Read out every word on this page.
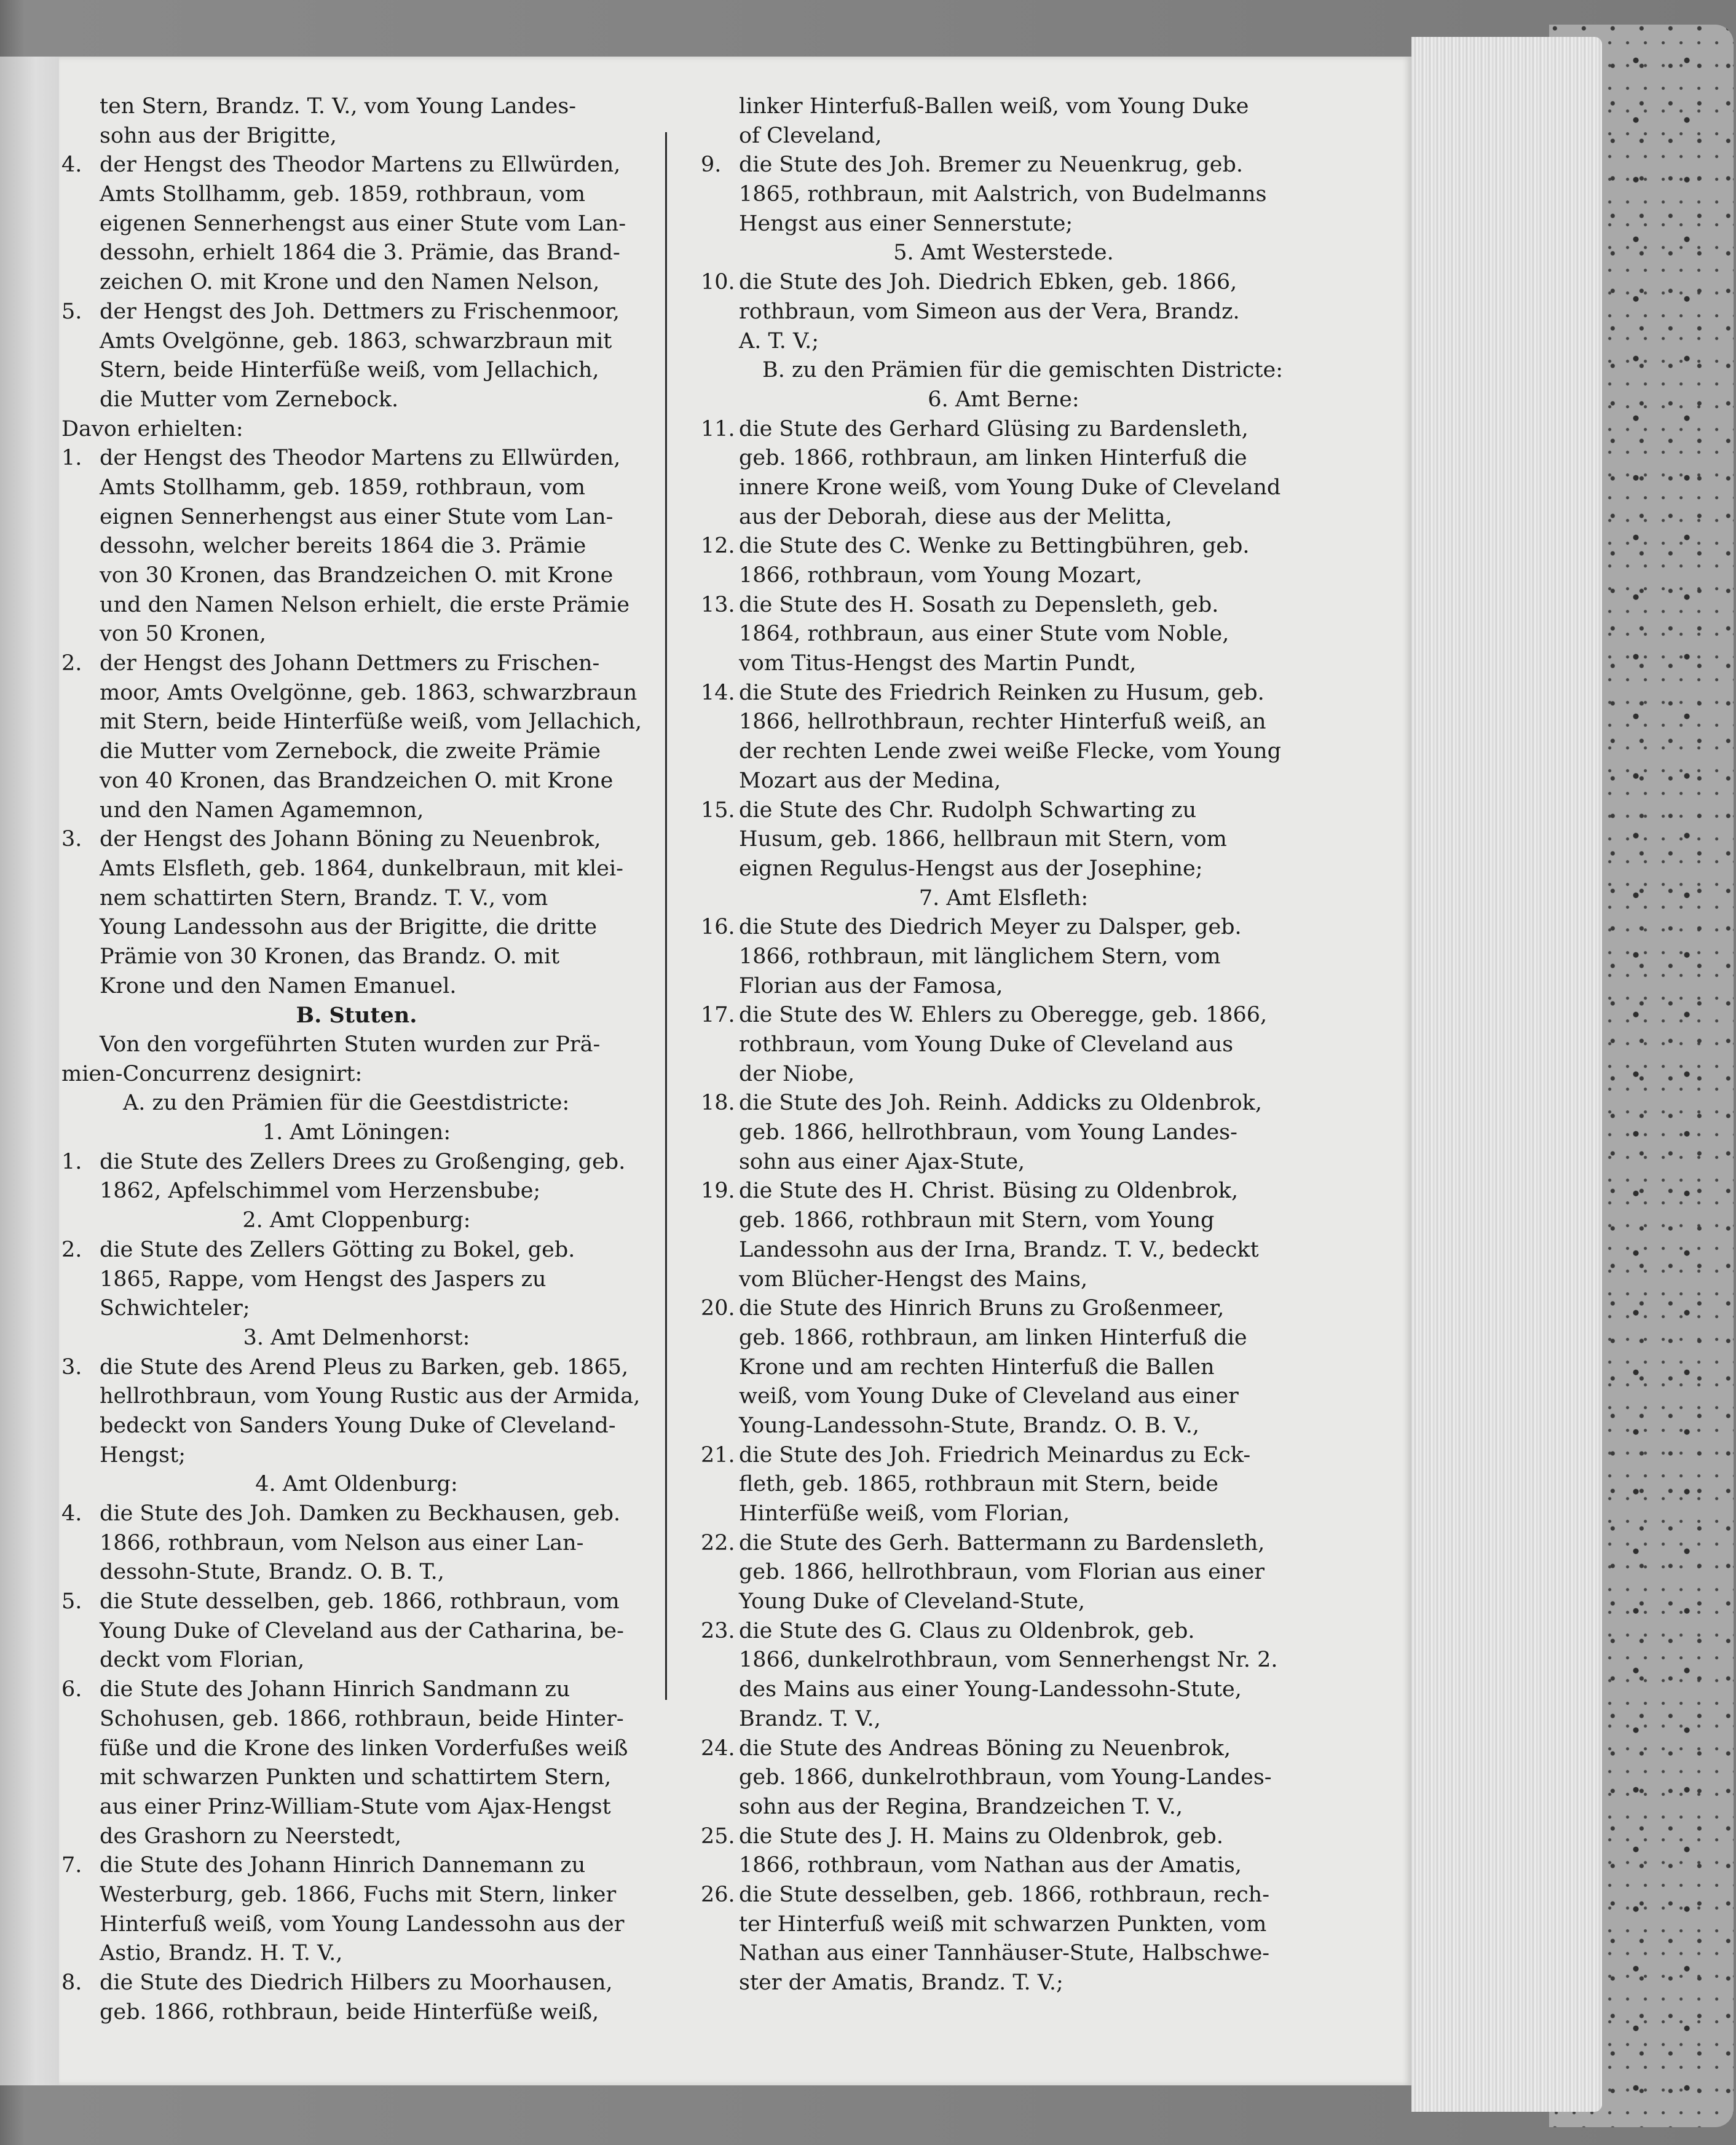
ten Stern, Brandz. T. V., vom Young Landes-
sohn aus der Brigitte,
4. der Hengst des Theodor Martens zu Ellwürden,
Amts Stollhamm, geb. 1859, rothbraun, vom
eigenen Sennerhengst aus einer Stute vom Lan-
dessohn, erhielt 1864 die 3. Prämie, das Brand-
zeichen O. mit Krone und den Namen Nelson,
5. der Hengst des Joh. Dettmers zu Frischenmoor,
Amts Ovelgönne, geb. 1863, schwarzbraun mit
Stern, beide Hinterfüße weiß, vom Jellachich,
die Mutter vom Zernebock.
Davon erhielten:
1. der Hengst des Theodor Martens zu Ellwürden,
Amts Stollhamm, geb. 1859, rothbraun, vom
eignen Sennerhengst aus einer Stute vom Lan-
dessohn, welcher bereits 1864 die 3. Prämie
von 30 Kronen, das Brandzeichen O. mit Krone
und den Namen Nelson erhielt, die erste Prämie
von 50 Kronen,
2. der Hengst des Johann Dettmers zu Frischen-
moor, Amts Ovelgönne, geb. 1863, schwarzbraun
mit Stern, beide Hinterfüße weiß, vom Jellachich,
die Mutter vom Zernebock, die zweite Prämie
von 40 Kronen, das Brandzeichen O. mit Krone
und den Namen Agamemnon,
3. der Hengst des Johann Böning zu Neuenbrok,
Amts Elsfleth, geb. 1864, dunkelbraun, mit klei-
nem schattirten Stern, Brandz. T. V., vom
Young Landessohn aus der Brigitte, die dritte
Prämie von 30 Kronen, das Brandz. O. mit
Krone und den Namen Emanuel.
B. Stuten.
Von den vorgeführten Stuten wurden zur Prä-
mien-Concurrenz designirt:
A. zu den Prämien für die Geestdistricte:
1. Amt Löningen:
1. die Stute des Zellers Drees zu Großenging, geb.
1862, Apfelschimmel vom Herzensbube;
2. Amt Cloppenburg:
2. die Stute des Zellers Götting zu Bokel, geb.
1865, Rappe, vom Hengst des Jaspers zu
Schwichteler;
3. Amt Delmenhorst:
3. die Stute des Arend Pleus zu Barken, geb. 1865,
hellrothbraun, vom Young Rustic aus der Armida,
bedeckt von Sanders Young Duke of Cleveland-
Hengst;
4. Amt Oldenburg:
4. die Stute des Joh. Damken zu Beckhausen, geb.
1866, rothbraun, vom Nelson aus einer Lan-
dessohn-Stute, Brandz. O. B. T.,
5. die Stute desselben, geb. 1866, rothbraun, vom
Young Duke of Cleveland aus der Catharina, be-
deckt vom Florian,
6. die Stute des Johann Hinrich Sandmann zu
Schohusen, geb. 1866, rothbraun, beide Hinter-
füße und die Krone des linken Vorderfußes weiß
mit schwarzen Punkten und schattirtem Stern,
aus einer Prinz-William-Stute vom Ajax-Hengst
des Grashorn zu Neerstedt,
7. die Stute des Johann Hinrich Dannemann zu
Westerburg, geb. 1866, Fuchs mit Stern, linker
Hinterfuß weiß, vom Young Landessohn aus der
Astio, Brandz. H. T. V.,
8. die Stute des Diedrich Hilbers zu Moorhausen,
geb. 1866, rothbraun, beide Hinterfüße weiß,
linker Hinterfuß-Ballen weiß, vom Young Duke
of Cleveland,
9. die Stute des Joh. Bremer zu Neuenkrug, geb.
1865, rothbraun, mit Aalstrich, von Budelmanns
Hengst aus einer Sennerstute;
5. Amt Westerstede.
10. die Stute des Joh. Diedrich Ebken, geb. 1866,
rothbraun, vom Simeon aus der Vera, Brandz.
A. T. V.;
B. zu den Prämien für die gemischten Districte:
6. Amt Berne:
11. die Stute des Gerhard Glüsing zu Bardensleth,
geb. 1866, rothbraun, am linken Hinterfuß die
innere Krone weiß, vom Young Duke of Cleveland
aus der Deborah, diese aus der Melitta,
12. die Stute des C. Wenke zu Bettingbühren, geb.
1866, rothbraun, vom Young Mozart,
13. die Stute des H. Sosath zu Depensleth, geb.
1864, rothbraun, aus einer Stute vom Noble,
vom Titus-Hengst des Martin Pundt,
14. die Stute des Friedrich Reinken zu Husum, geb.
1866, hellrothbraun, rechter Hinterfuß weiß, an
der rechten Lende zwei weiße Flecke, vom Young
Mozart aus der Medina,
15. die Stute des Chr. Rudolph Schwarting zu
Husum, geb. 1866, hellbraun mit Stern, vom
eignen Regulus-Hengst aus der Josephine;
7. Amt Elsfleth:
16. die Stute des Diedrich Meyer zu Dalsper, geb.
1866, rothbraun, mit länglichem Stern, vom
Florian aus der Famosa,
17. die Stute des W. Ehlers zu Oberegge, geb. 1866,
rothbraun, vom Young Duke of Cleveland aus
der Niobe,
18. die Stute des Joh. Reinh. Addicks zu Oldenbrok,
geb. 1866, hellrothbraun, vom Young Landes-
sohn aus einer Ajax-Stute,
19. die Stute des H. Christ. Büsing zu Oldenbrok,
geb. 1866, rothbraun mit Stern, vom Young
Landessohn aus der Irna, Brandz. T. V., bedeckt
vom Blücher-Hengst des Mains,
20. die Stute des Hinrich Bruns zu Großenmeer,
geb. 1866, rothbraun, am linken Hinterfuß die
Krone und am rechten Hinterfuß die Ballen
weiß, vom Young Duke of Cleveland aus einer
Young-Landessohn-Stute, Brandz. O. B. V.,
21. die Stute des Joh. Friedrich Meinardus zu Eck-
fleth, geb. 1865, rothbraun mit Stern, beide
Hinterfüße weiß, vom Florian,
22. die Stute des Gerh. Battermann zu Bardensleth,
geb. 1866, hellrothbraun, vom Florian aus einer
Young Duke of Cleveland-Stute,
23. die Stute des G. Claus zu Oldenbrok, geb.
1866, dunkelrothbraun, vom Sennerhengst Nr. 2.
des Mains aus einer Young-Landessohn-Stute,
Brandz. T. V.,
24. die Stute des Andreas Böning zu Neuenbrok,
geb. 1866, dunkelrothbraun, vom Young-Landes-
sohn aus der Regina, Brandzeichen T. V.,
25. die Stute des J. H. Mains zu Oldenbrok, geb.
1866, rothbraun, vom Nathan aus der Amatis,
26. die Stute desselben, geb. 1866, rothbraun, rech-
ter Hinterfuß weiß mit schwarzen Punkten, vom
Nathan aus einer Tannhäuser-Stute, Halbschwe-
ster der Amatis, Brandz. T. V.;
